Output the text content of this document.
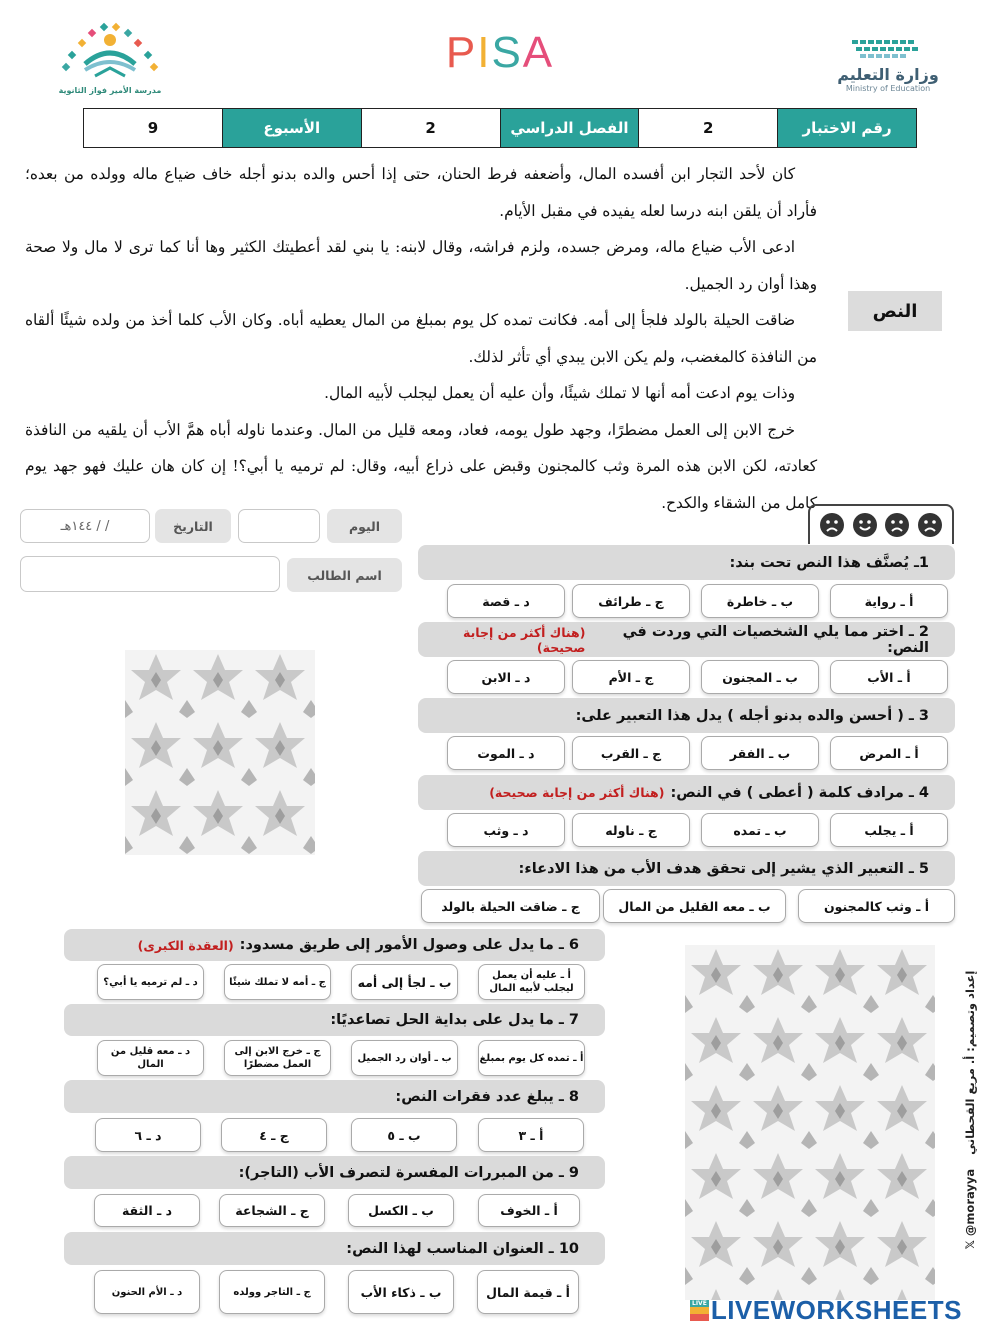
وزارة التعليم
Ministry of Education
PISA
مدرسة الأمير فواز الثانوية
رقم الاختبار
2
الفصل الدراسي
2
الأسبوع
9

كان لأحد التجار ابن أفسده المال، وأضعفه فرط الحنان، حتى إذا أحس والده بدنو أجله خاف ضياع ماله وولده من بعده؛ فأراد أن يلقن ابنه درسا لعله يفيده في مقبل الأيام.

ادعى الأب ضياع ماله، ومرض جسده، ولزم فراشه، وقال لابنه: يا بني لقد أعطيتك الكثير وها أنا كما ترى لا مال ولا صحة وهذا أوان رد الجميل.

ضاقت الحيلة بالولد فلجأ إلى أمه. فكانت تمده كل يوم بمبلغ من المال يعطيه أباه. وكان الأب كلما أخذ من ولده شيئًا ألقاه من النافذة كالمغضب، ولم يكن الابن يبدي أي تأثر لذلك.

وذات يوم ادعت أمه أنها لا تملك شيئًا، وأن عليه أن يعمل ليجلب لأبيه المال.

خرج الابن إلى العمل مضطرًا، وجهد طول يومه، فعاد، ومعه قليل من المال. وعندما ناوله أباه همَّ الأب أن يلقيه من النافذة كعادته، لكن الابن هذه المرة وثب كالمجنون وقبض على ذراع أبيه، وقال: لم ترميه يا أبي؟! إن كان هان عليك فهو جهد يوم كامل من الشقاء والكدح.

النص
اليوم
التاريخ
/ / ١٤٤هـ
اسم الطالب
1ـ يُصنَّف هذا النص تحت بند:
أ ـ رواية
ب ـ خاطرة
ج ـ طرائف
د ـ قصة
2 ـ اختر مما يلي الشخصيات التي وردت في النص:
(هناك أكثر من إجابة صحيحة)
أ ـ الأب
ب ـ المجنون
ج ـ الأم
د ـ الابن
3 ـ ( أحسن والده بدنو أجله ) يدل هذا التعبير على:
أ ـ المرض
ب ـ الفقر
ج ـ القرب
د ـ الموت
4 ـ مرادف كلمة ( أعطى ) في النص:
(هناك أكثر من إجابة صحيحة)
أ ـ يجلب
ب ـ تمده
ج ـ ناوله
د ـ وثب
5 ـ التعبير الذي يشير إلى تحقق هدف الأب من هذا الادعاء:
أ ـ وثب كالمجنون
ب ـ معه القليل من المال
ج ـ ضاقت الحيلة بالولد
6 ـ ما يدل على وصول الأمور إلى طريق مسدود:
(العقدة الكبرى)
أ ـ عليه أن يعمل ليجلب لأبيه المال
ب ـ لجأ إلى أمه
ج ـ أمه لا تملك شيئًا
د ـ لم ترميه يا أبي؟
7 ـ ما يدل على بداية الحل تصاعديًا:
أ ـ تمده كل يوم بمبلغ
ب ـ أوان رد الجميل
ج ـ خرج الابن إلى العمل مضطرًا
د ـ معه قليل من المال
8 ـ يبلغ عدد فقرات النص:
أ ـ ٣
ب ـ ٥
ج ـ ٤
د ـ ٦
9 ـ من المبررات المفسرة لتصرف الأب (التاجر):
أ ـ الخوف
ب ـ الكسل
ج ـ الشجاعة
د ـ الثقة
10 ـ العنوان المناسب لهذا النص:
أ ـ قيمة المال
ب ـ ذكاء الأب
ج ـ التاجر وولده
د ـ الأم الحنون
𝕏 @morayya إعداد وتصميم: أ. مريع القحطاني
LIVE LIVEWORKSHEETS
